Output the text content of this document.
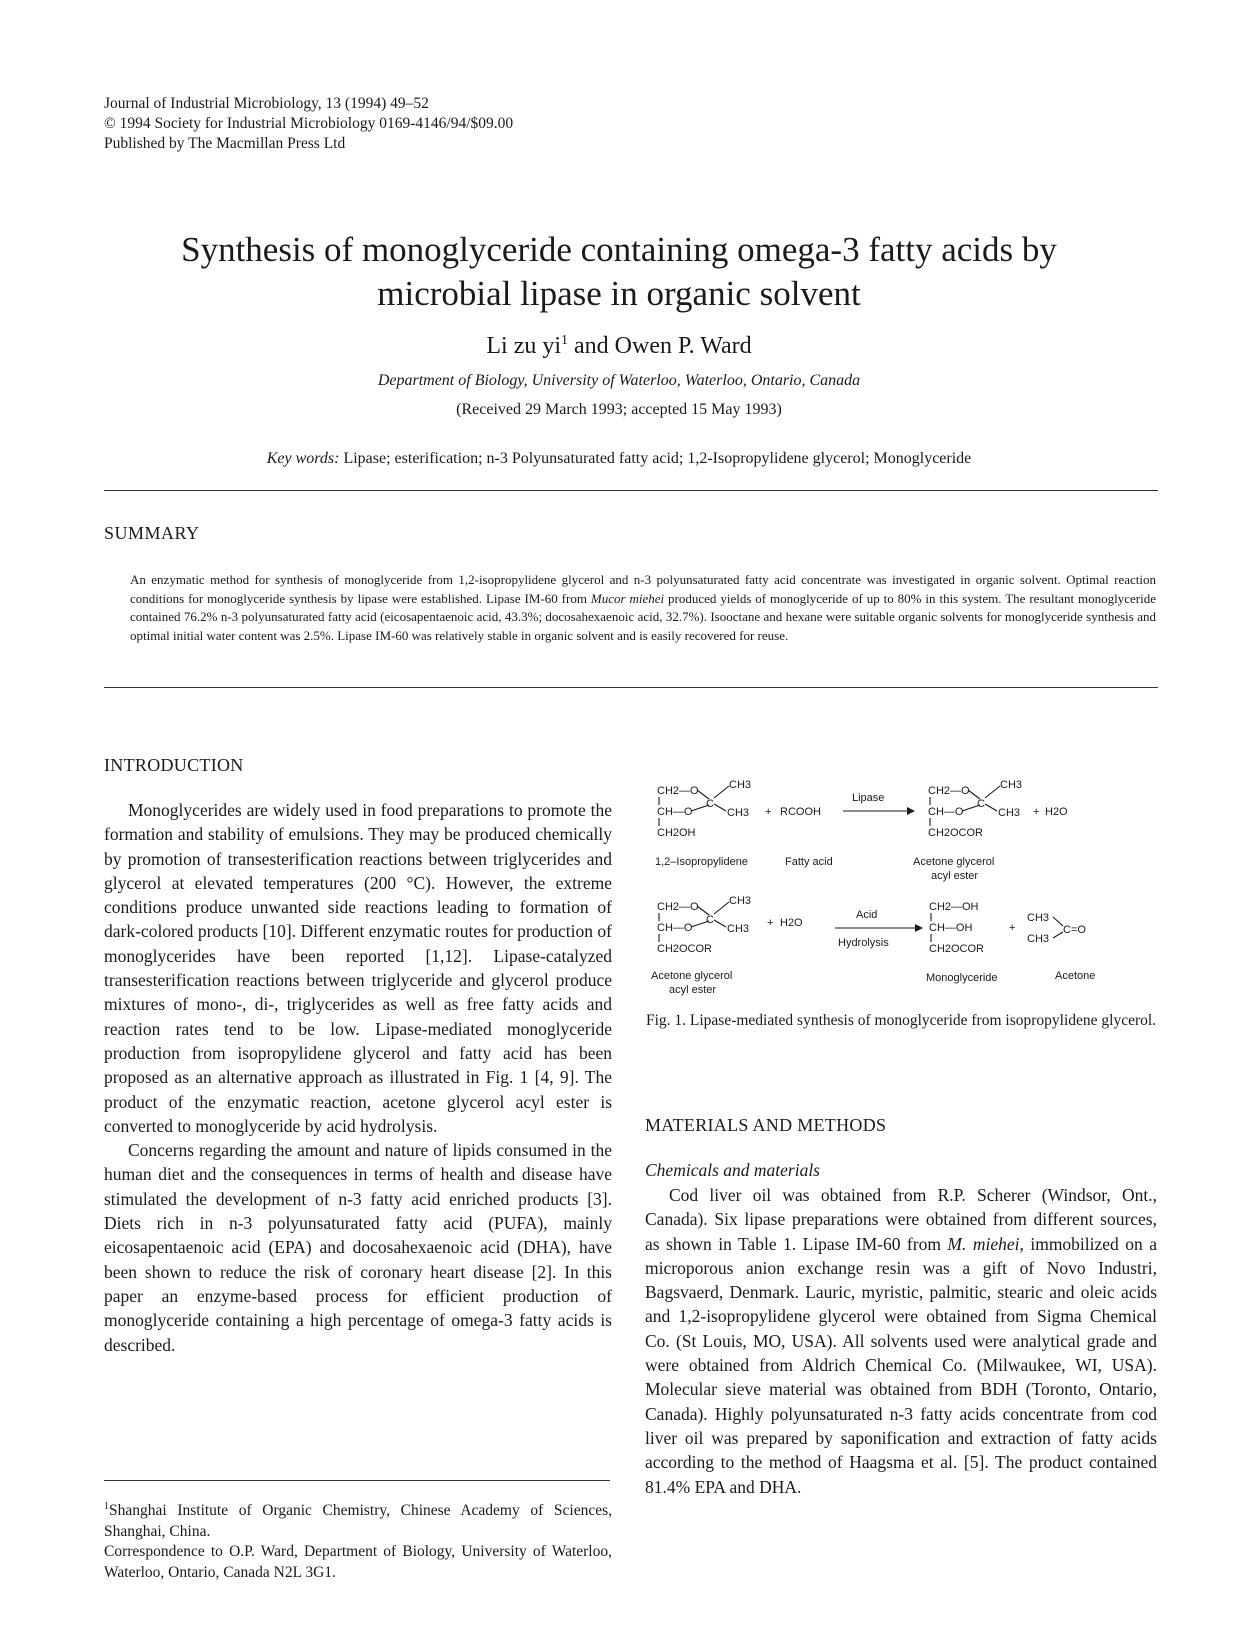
Journal of Industrial Microbiology, 13 (1994) 49–52
© 1994 Society for Industrial Microbiology 0169-4146/94/$09.00
Published by The Macmillan Press Ltd
Synthesis of monoglyceride containing omega-3 fatty acids by
microbial lipase in organic solvent
Li zu $yi^1$ and Owen P. Ward
Department of Biology, University of Waterloo, Waterloo, Ontario, Canada
(Received 29 March 1993; accepted 15 May 1993)
Key words: Lipase; esterification; n-3 Polyunsaturated fatty acid; 1,2-Isopropylidene glycerol; Monoglyceride
SUMMARY
An enzymatic method for synthesis of monoglyceride from 1,2-isopropylidene glycerol and n-3 polyunsaturated fatty acid concentrate was investigated in organic solvent. Optimal reaction conditions for monoglyceride synthesis by lipase were established. Lipase IM-60 from Mucor miehei produced yields of monoglyceride of up to 80% in this system. The resultant monoglyceride contained 76.2% n-3 polyunsaturated fatty acid (eicosapentaenoic acid, 43.3%; docosahexaenoic acid, 32.7%). Isooctane and hexane were suitable organic solvents for monoglyceride synthesis and optimal initial water content was 2.5%. Lipase IM-60 was relatively stable in organic solvent and is easily recovered for reuse.
INTRODUCTION

Monoglycerides are widely used in food preparations to promote the formation and stability of emulsions. They may be produced chemically by promotion of transesterification reactions between triglycerides and glycerol at elevated temperatures (200 °C). However, the extreme conditions produce unwanted side reactions leading to formation of dark-colored products [10]. Different enzymatic routes for production of monoglycerides have been reported [1,12]. Lipase-catalyzed transesterification reactions between triglyceride and glycerol produce mixtures of mono-, di-, triglycerides as well as free fatty acids and reaction rates tend to be low. Lipase-mediated monoglyceride production from isopropylidene glycerol and fatty acid has been proposed as an alternative approach as illustrated in Fig. 1 [4, 9]. The product of the enzymatic reaction, acetone glycerol acyl ester is converted to monoglyceride by acid hydrolysis.

Concerns regarding the amount and nature of lipids consumed in the human diet and the consequences in terms of health and disease have stimulated the development of n-3 fatty acid enriched products [3]. Diets rich in n-3 polyunsaturated fatty acid (PUFA), mainly eicosapentaenoic acid (EPA) and docosahexaenoic acid (DHA), have been shown to reduce the risk of coronary heart disease [2]. In this paper an enzyme-based process for efficient production of monoglyceride containing a high percentage of omega-3 fatty acids is described.

$^1$Shanghai Institute of Organic Chemistry, Chinese Academy of Sciences, Shanghai, China.

Correspondence to O.P. Ward, Department of Biology, University of Waterloo, Waterloo, Ontario, Canada N2L 3G1.

CH2—O
CH—O
CH2OH
C
CH3
CH3 + RCOOH
Lipase
CH2—O
CH—O
CH2OCOR
C
CH3
CH3 + H2O
1,2–Isopropylidene	Fatty acid	Acetone glycerol
acyl ester
CH2—O
CH—O
CH2OCOR
C
CH3
CH3 + H2O
Acid
Hydrolysis
CH2—OH
CH—OH
CH2OCOR
+
CH3
CH3
C=O
Acetone glycerol
acyl ester
Monoglyceride	Acetone
Fig. 1. Lipase-mediated synthesis of monoglyceride from isopropylidene glycerol.
MATERIALS AND METHODS
Chemicals and materials

Cod liver oil was obtained from R.P. Scherer (Windsor, Ont., Canada). Six lipase preparations were obtained from different sources, as shown in Table 1. Lipase IM-60 from M. miehei, immobilized on a microporous anion exchange resin was a gift of Novo Industri, Bagsvaerd, Denmark. Lauric, myristic, palmitic, stearic and oleic acids and 1,2-isopropylidene glycerol were obtained from Sigma Chemical Co. (St Louis, MO, USA). All solvents used were analytical grade and were obtained from Aldrich Chemical Co. (Milwaukee, WI, USA). Molecular sieve material was obtained from BDH (Toronto, Ontario, Canada). Highly polyunsaturated n-3 fatty acids concentrate from cod liver oil was prepared by saponification and extraction of fatty acids according to the method of Haagsma et al. [5]. The product contained 81.4% EPA and DHA.
